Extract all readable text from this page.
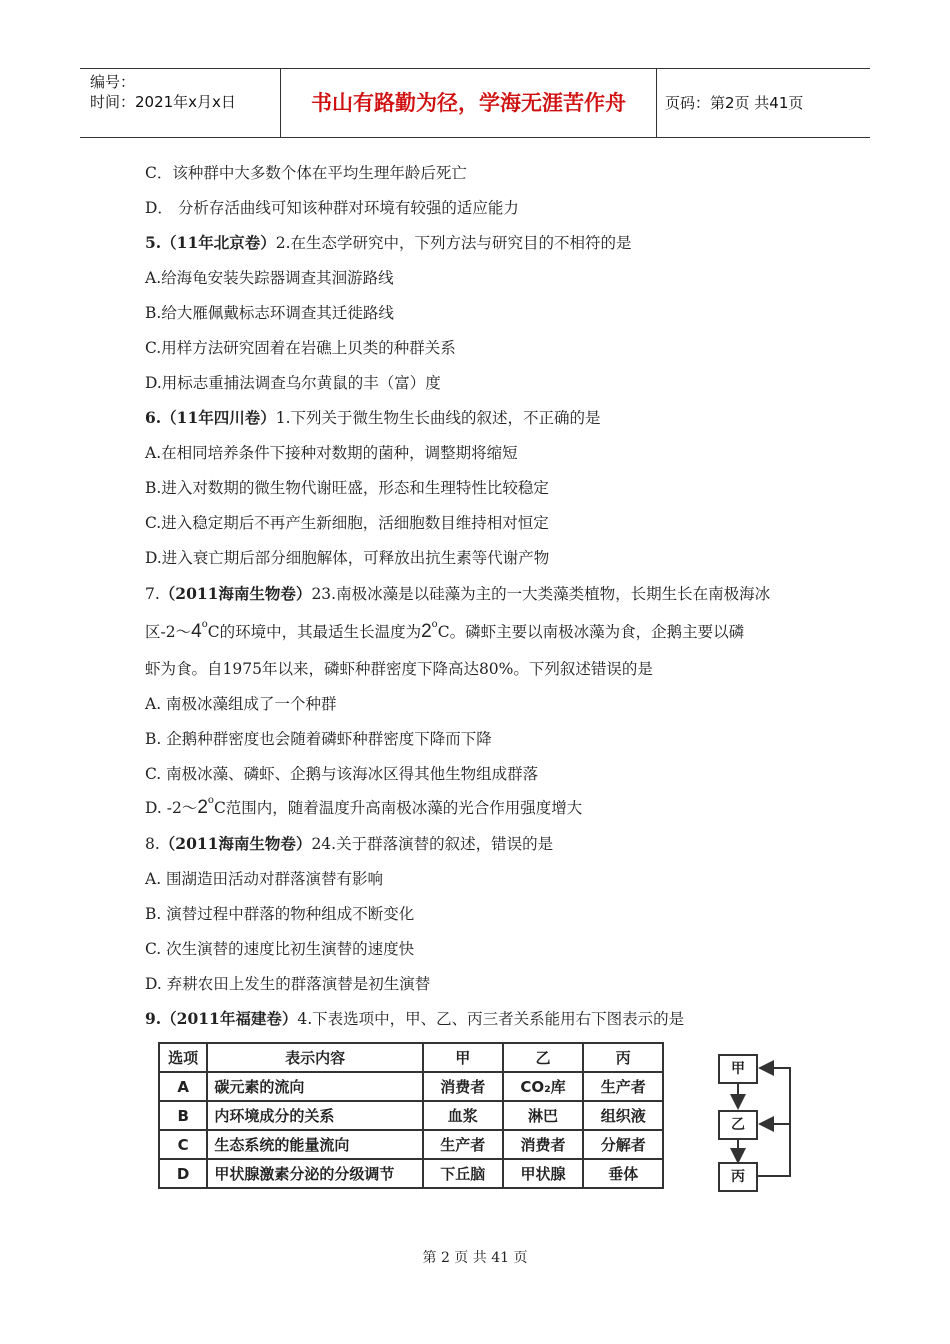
编号：
时间：2021年x月x日	书山有路勤为径，学海无涯苦作舟	页码：第2页 共41页
C．该种群中大多数个体在平均生理年龄后死亡
D． 分析存活曲线可知该种群对环境有较强的适应能力
5.（11年北京卷）2.在生态学研究中，下列方法与研究目的不相符的是
A.给海龟安装失踪器调查其洄游路线
B.给大雁佩戴标志环调查其迁徙路线
C.用样方法研究固着在岩礁上贝类的种群关系
D.用标志重捕法调查乌尔黄鼠的丰（富）度
6.（11年四川卷）1.下列关于微生物生长曲线的叙述，不正确的是
A.在相同培养条件下接种对数期的菌种，调整期将缩短
B.进入对数期的微生物代谢旺盛，形态和生理特性比较稳定
C.进入稳定期后不再产生新细胞，活细胞数目维持相对恒定
D.进入衰亡期后部分细胞解体，可释放出抗生素等代谢产物
7.（2011海南生物卷）23.南极冰藻是以硅藻为主的一大类藻类植物，长期生长在南极海冰
区-2～4$^o$C的环境中，其最适生长温度为2$^o$C。磷虾主要以南极冰藻为食，企鹅主要以磷
虾为食。自1975年以来，磷虾种群密度下降高达80%。下列叙述错误的是
A. 南极冰藻组成了一个种群
B. 企鹅种群密度也会随着磷虾种群密度下降而下降
C. 南极冰藻、磷虾、企鹅与该海冰区得其他生物组成群落
D. -2～2$^o$C范围内，随着温度升高南极冰藻的光合作用强度增大
8.（2011海南生物卷）24.关于群落演替的叙述，错误的是
A. 围湖造田活动对群落演替有影响
B. 演替过程中群落的物种组成不断变化
C. 次生演替的速度比初生演替的速度快
D. 弃耕农田上发生的群落演替是初生演替
9.（2011年福建卷）4.下表选项中，甲、乙、丙三者关系能用右下图表示的是
选项	表示内容	甲	乙	丙
A	碳元素的流向	消费者	CO₂库	生产者
B	内环境成分的关系	血浆	淋巴	组织液
C	生态系统的能量流向	生产者	消费者	分解者
D	甲状腺激素分泌的分级调节	下丘脑	甲状腺	垂体
甲
乙
丙
第 2 页 共 41 页
